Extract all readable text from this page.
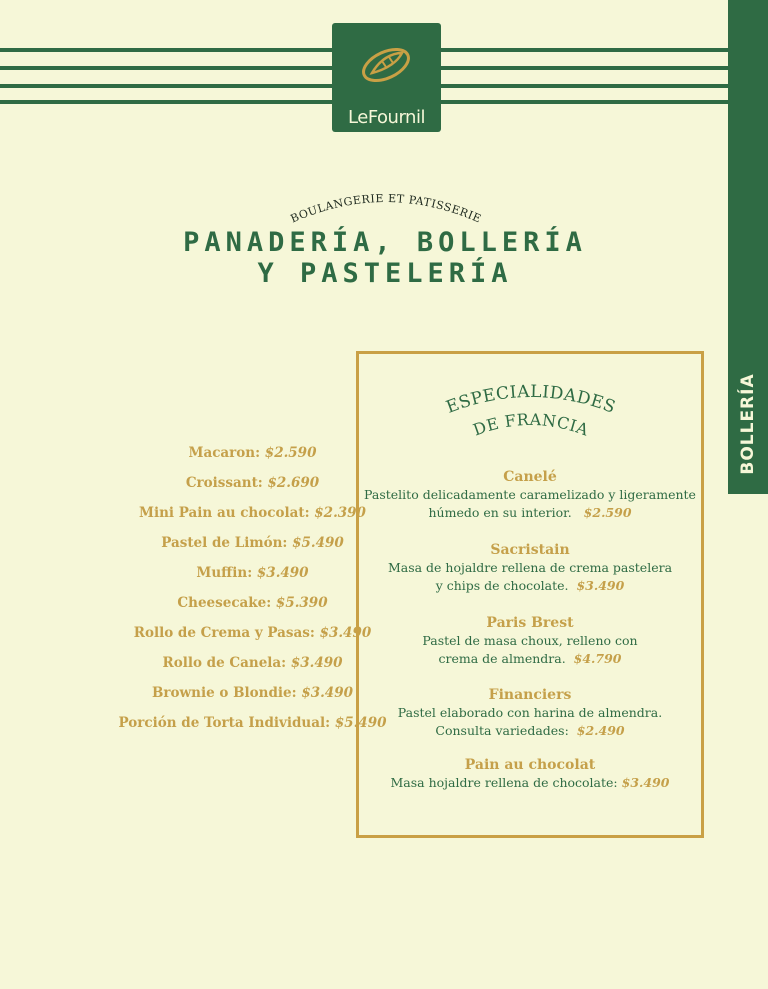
LeFournil
BOLLERÍA
BOULANGERIE ET PATISSERIE
PANADERÍA, BOLLERÍA
Y PASTELERÍA
Macaron: $2.590
Croissant: $2.690
Mini Pain au chocolat: $2.390
Pastel de Limón: $5.490
Muffin: $3.490
Cheesecake: $5.390
Rollo de Crema y Pasas: $3.490
Rollo de Canela: $3.490
Brownie o Blondie: $3.490
Porción de Torta Individual: $5.490
ESPECIALIDADES
DE FRANCIA
Canelé
Pastelito delicadamente caramelizado y ligeramente
húmedo en su interior. $2.590
Sacristain
Masa de hojaldre rellena de crema pastelera
y chips de chocolate. $3.490
Paris Brest
Pastel de masa choux, relleno con
crema de almendra. $4.790
Financiers
Pastel elaborado con harina de almendra.
Consulta variedades: $2.490
Pain au chocolat
Masa hojaldre rellena de chocolate: $3.490
